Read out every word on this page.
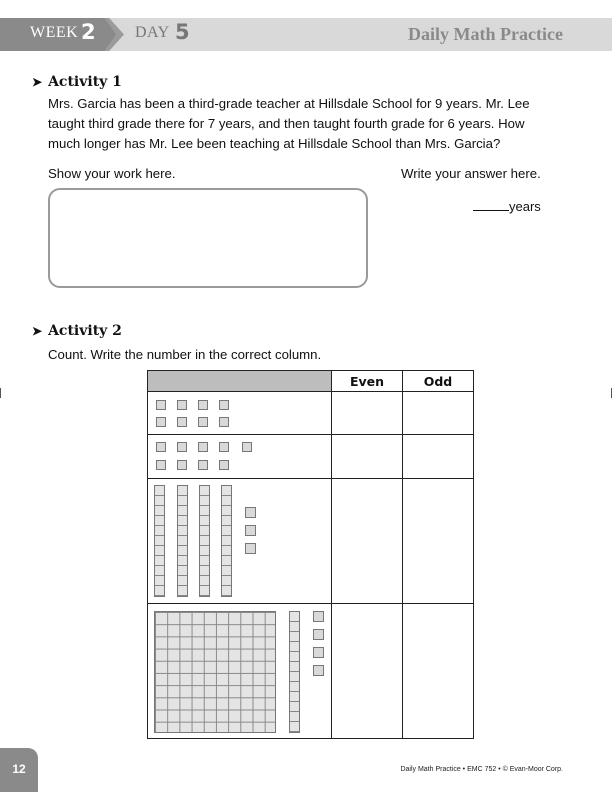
WEEK 2 DAY 5	Daily Math Practice
➤ Activity 1
Mrs. Garcia has been a third-grade teacher at Hillsdale School for 9 years. Mr. Lee taught third grade there for 7 years, and then taught fourth grade for 6 years. How much longer has Mr. Lee been teaching at Hillsdale School than Mrs. Garcia?
Show your work here.	Write your answer here.
years
➤ Activity 2
Count. Write the number in the correct column.
	Even	Odd

12	Daily Math Practice • EMC 752 • © Evan-Moor Corp.
